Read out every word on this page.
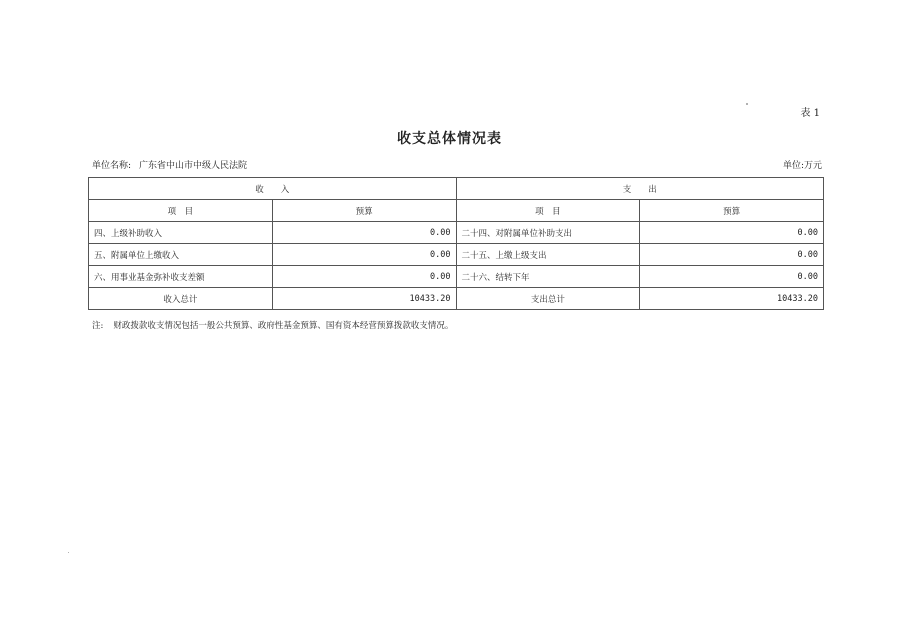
表 1
收支总体情况表
单位名称: 广东省中山市中级人民法院	单位:万元
收　　入		支　　出	
项　目	预算	项　目	预算
四、上级补助收入	0.00	二十四、对附属单位补助支出	0.00
五、附属单位上缴收入	0.00	二十五、上缴上级支出	0.00
六、用事业基金弥补收支差额	0.00	二十六、结转下年	0.00
收入总计	10433.20	支出总计	10433.20
注: 财政拨款收支情况包括一般公共预算、政府性基金预算、国有资本经营预算拨款收支情况。
